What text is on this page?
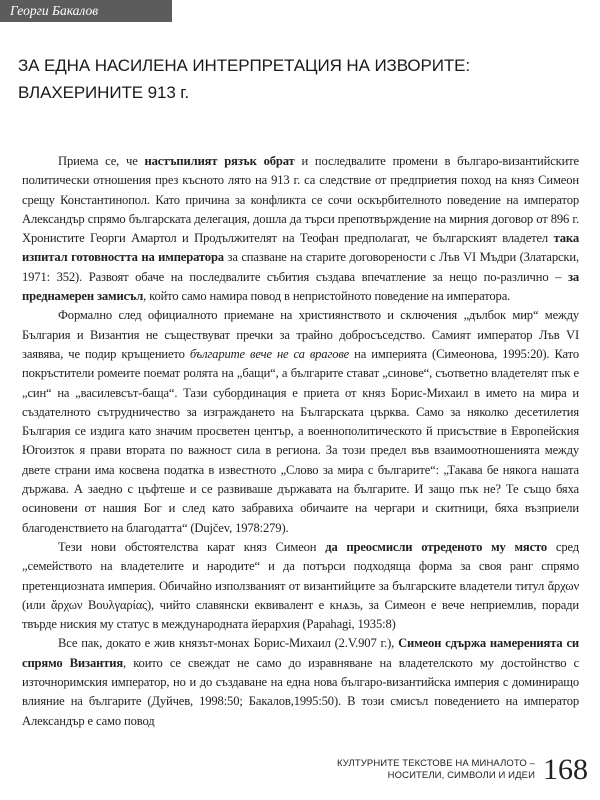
Георги Бакалов
ЗА ЕДНА НАСИЛЕНА ИНТЕРПРЕТАЦИЯ НА ИЗВОРИТЕ:
ВЛАХЕРИНИТЕ 913 г.

Приема се, че настъпилият рязък обрат и последвалите промени в българо-византийските политически отношения през късното лято на 913 г. са следствие от предприетия поход на княз Симеон срещу Константинопол. Като причина за конфликта се сочи оскърбителното поведение на император Александър спрямо българската делегация, дошла да търси препотвърждение на мирния договор от 896 г. Хронистите Георги Амартол и Продължителят на Теофан предполагат, че българският владетел така изпитал готовността на императора за спазване на старите договорености с Лъв VI Мъдри (Златарски, 1971: 352). Развоят обаче на последвалите събития създава впечатление за нещо по-различно – за преднамерен замисъл, който само намира повод в непристойното поведение на императора.

Формално след официалното приемане на християнството и сключения „дълбок мир“ между България и Византия не съществуват пречки за трайно добросъседство. Самият император Лъв VI заявява, че подир кръщението българите вече не са врагове на империята (Симеонова, 1995:20). Като покръстители ромеите поемат ролята на „бащи“, а българите стават „синове“, съответно владетелят пък е „син“ на „василевсът-баща“. Тази субординация е приета от княз Борис-Михаил в името на мира и създателното сътрудничество за изграждането на Българската църква. Само за няколко десетилетия България се издига като значим просветен център, а военнополитическото й присъствие в Европейския Югоизток я прави втората по важност сила в региона. За този предел във взаимоотношенията между двете страни има косвена податка в известното „Слово за мира с българите“: „Такава бе някога нашата държава. А заедно с цъфтеше и се развиваше държавата на българите. И защо пък не? Те също бяха осиновени от нашия Бог и след като забравиха обичаите на чергари и скитници, бяха възприели благоденствието на благодатта“ (Dujčev, 1978:279).

Тези нови обстоятелства карат княз Симеон да преосмисли отреденото му място сред „семейството на владетелите и народите“ и да потърси подходяща форма за своя ранг спрямо претенциозната империя. Обичайно използваният от византийците за българските владетели титул ἄρχων (или ἄρχων Βουλγαρίας), чийто славянски еквивалент е кнѧзь, за Симеон е вече неприемлив, поради твърде ниския му статус в международната йерархия (Papahagi, 1935:8)

Все пак, докато е жив князът-монах Борис-Михаил (2.V.907 г.), Симеон сдържа намеренията си спрямо Византия, които се свеждат не само до изравняване на владетелското му достойнство с източноримския император, но и до създаване на една нова българо-византийска империя с доминиращо влияние на българите (Дуйчев, 1998:50; Бакалов,1995:50). В този смисъл поведението на император Александър е само повод

КУЛТУРНИТЕ ТЕКСТОВЕ НА МИНАЛОТО –
НОСИТЕЛИ, СИМВОЛИ И ИДЕИ 168
